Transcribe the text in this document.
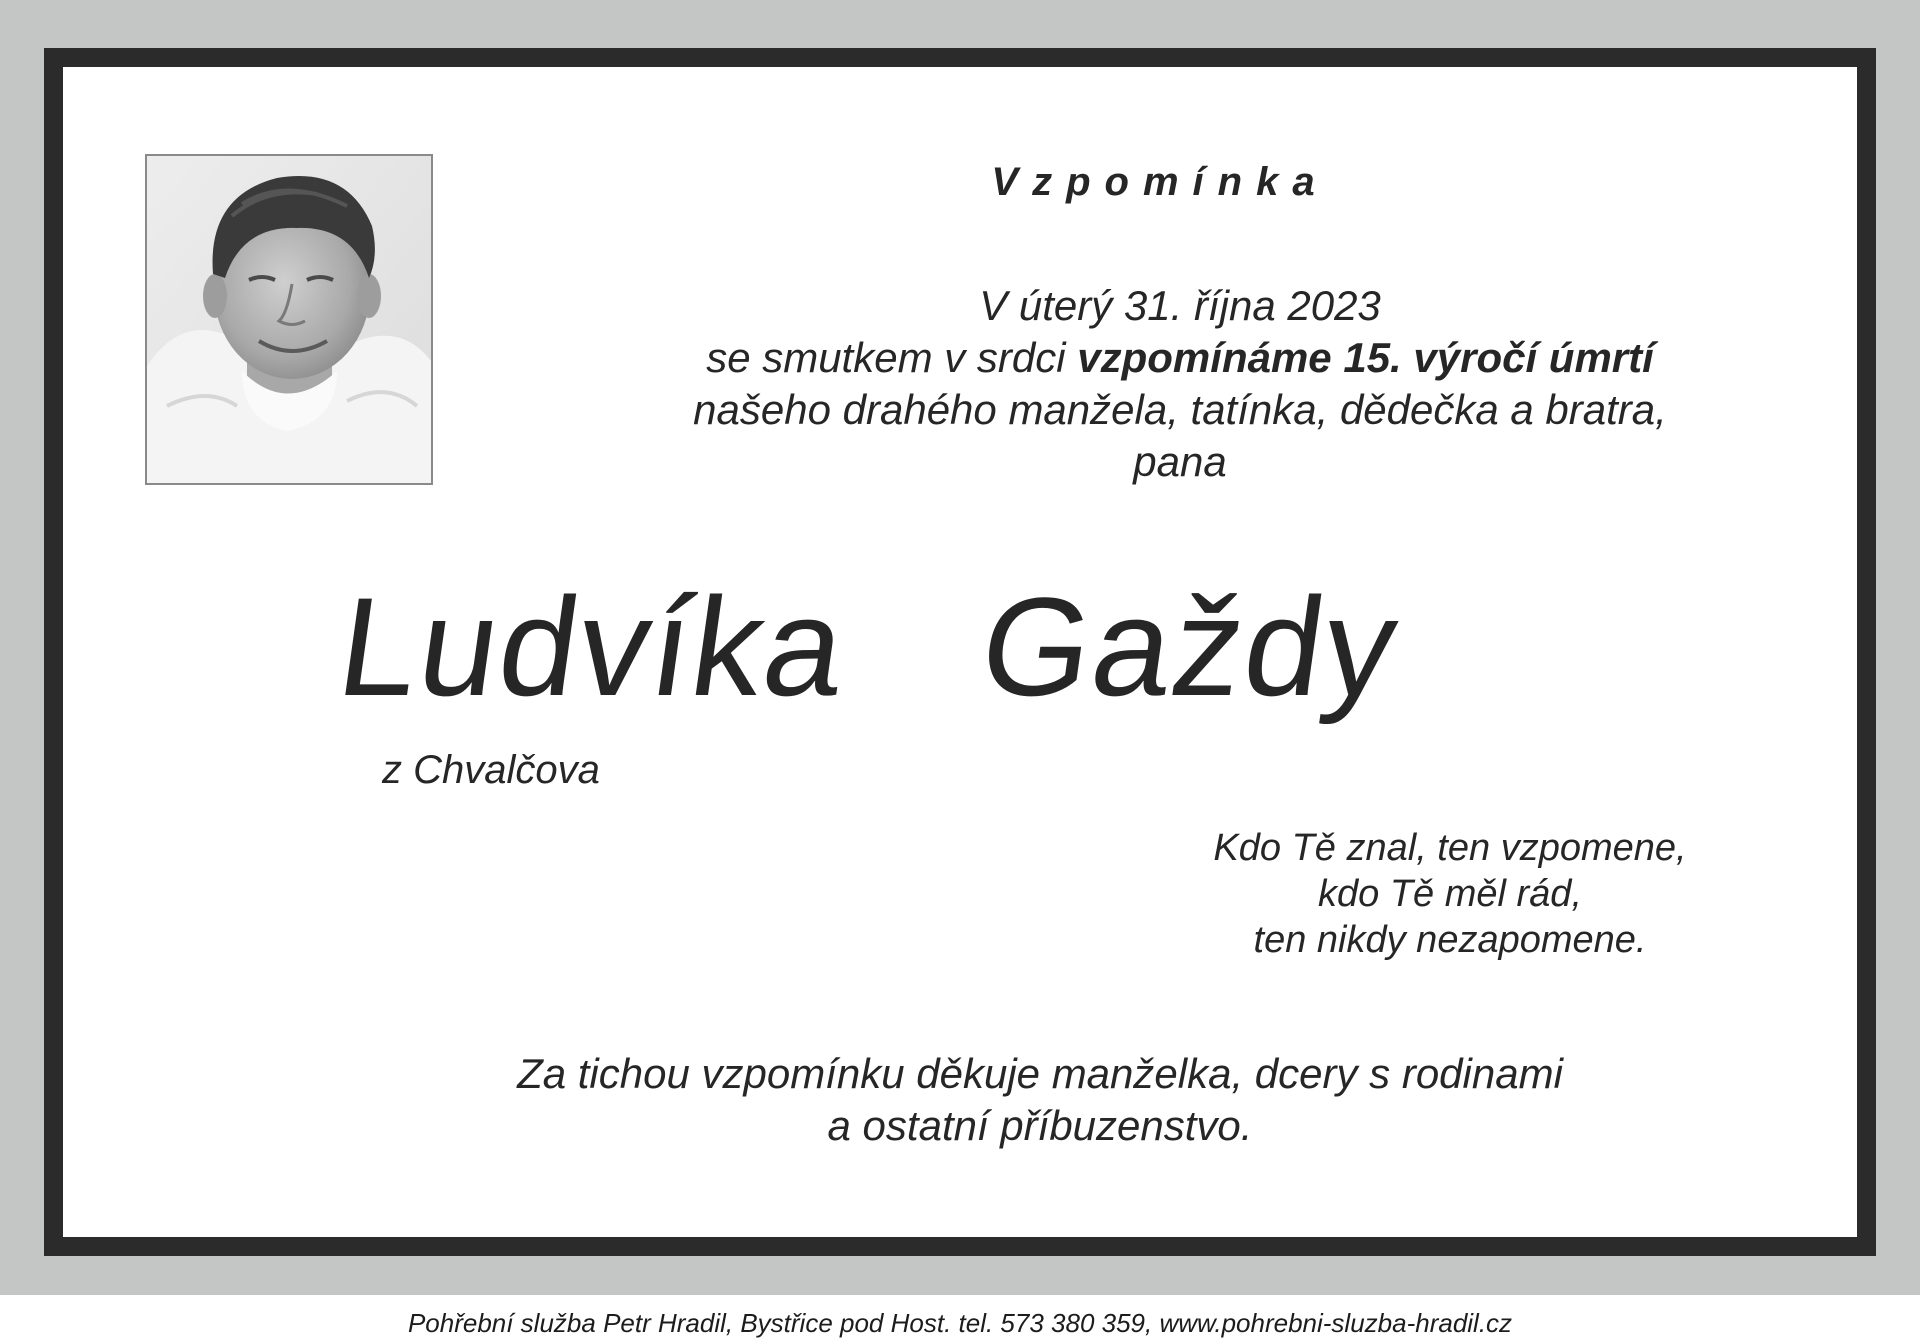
Vzpomínka
V úterý 31. října 2023
se smutkem v srdci vzpomínáme 15. výročí úmrtí
našeho drahého manžela, tatínka, dědečka a bratra,
pana
Ludvíka  Gaždy
z Chvalčova
Kdo Tě znal, ten vzpomene,
kdo Tě měl rád,
ten nikdy nezapomene.
Za tichou vzpomínku děkuje manželka, dcery s rodinami
a ostatní příbuzenstvo.
Pohřební služba Petr Hradil, Bystřice pod Host. tel. 573 380 359, www.pohrebni-sluzba-hradil.cz
